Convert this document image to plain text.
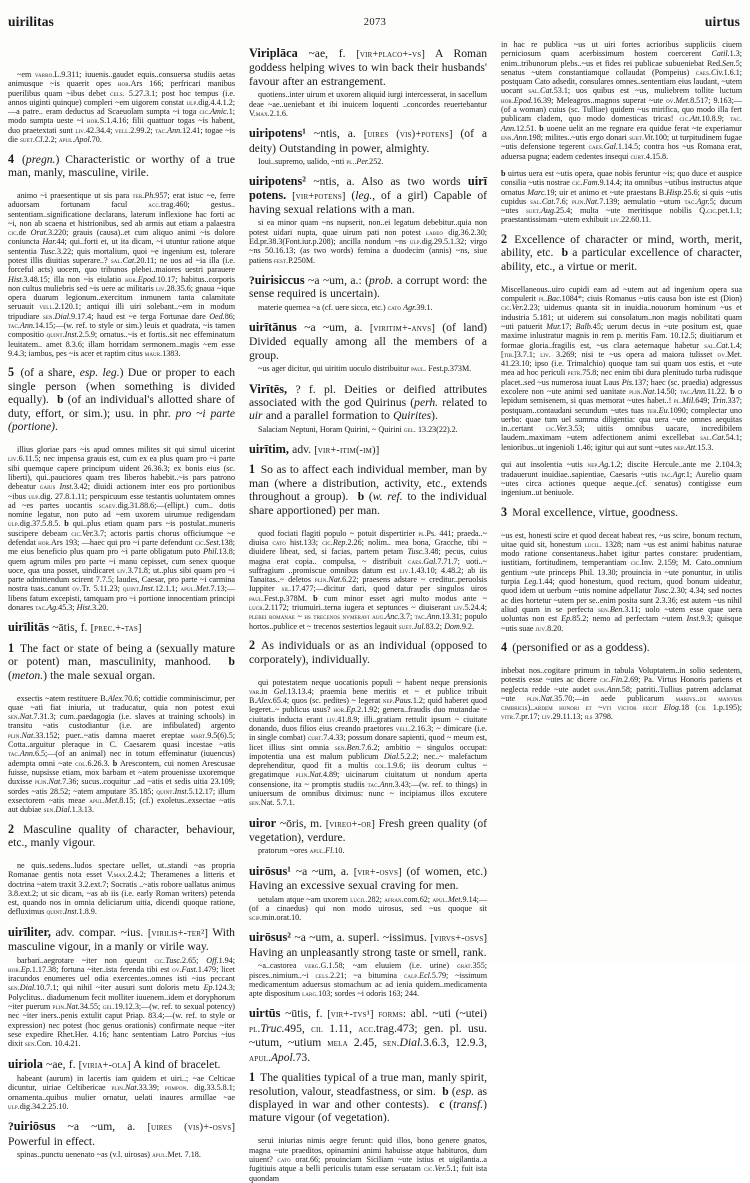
uirilitas	2073	uirtus

~em varro.L.9.311; iuuenis..gaudet equis..consuersa studiis aetas animusque ~is quaerit opes hor.Ars 166; perfricari manibus puerilibus quam ~ibus debet cels. 5.27.3.1; post hoc tempus (i.e. annos uiginti quinque) compleri ~em uigorem constat ulp.dig.4.4.1.2;—a patre.. eram deductus ad Scaeuolam sumpta ~i toga cic.Amic.1; modo sumpta ueste ~i hor.S.1.4.16; filii quattuor togas ~is habent, duo praetextati sunt liv.42.34.4; vell.2.99.2; tac.Ann.12.41; togae ~is die suet.Cl.2.2; apul.Apol.70.

4 (pregn.) Characteristic or worthy of a true man, manly, masculine, virile.

animo ~i praesentique ut sis para ter.Ph.957; erat istuc ~e, ferre aduorsam fortunam facul acc.trag.460; gestus.. sententiam..significatione declarans, laterum inflexione hac forti ac ~i, non ab scaena et histrionibus, sed ab armis aut etiam a palaestra cic.de Orat.3.220; grauis (causa)..et cum aliquo animi ~is dolore coniuncta Har.44; qui..forti et, ut ita dicam, ~i utuntur ratione atque sententia Tusc.3.22; quis mortalium, quoi ~e ingenium est, tolerare potest illis diuitias superare..? sal.Cat.20.11; ne uos ad ~ia illa (i.e. forceful acts) uocem, quo tribunos plebei..maiores uestri parauere Hist.3.48.15; illa non ~is eiulatio hor.Epod.10.17; habitus..corporis non cultus muliebris sed ~is uere ac militaris liv.28.35.6; gnaua ~ique opera duarum legionum..exercitum inmunem tanta calamitate seruauit vell.2.120.1; antiqui illi uiri solebant..~em in modum tripudiare sen.Dial.9.17.4; haud est ~e terga Fortunae dare Oed.86; tac.Ann.14.15;—(w. ref. to style or sim.) leuis et quadrata, ~is tamen compositio quint.Inst.2.5.9; ornatus..~is et fortis..sit nec effeminatum leuitatem.. amet 8.3.6; illam horridam sermonem..magis ~em esse 9.4.3; iambus, pes ~is acer et raptim citus maur.1383.

5 (of a share, esp. leg.) Due or proper to each single person (when something is divided equally). b (of an individual's allotted share of duty, effort, or sim.); usu. in phr. pro ~i parte (portione).

illius gloriae pars ~is apud omnes milites sit qui simul uicerint liv.6.11.5; nec impensa grauis est, cum ex ea plus quam pro ~i parte sibi quemque capere principum uident 26.36.3; ex bonis eius (sc. liberti), qui..pauciores quam tres liberos habebit..~is pars patrono debeatur gaius Inst.3.42; diuidi actionem inter eos pro portionibus ~ibus ulp.dig. 27.8.1.11; perspicuum esse testantis uoluntatem omnes ad ~es partes uocantis scaev.dig.31.88.6;—(ellipt.) cum.. dotis nomine legatur, non puto ad ~em uxorem uirumue redigendam ulp.dig.37.5.8.5. b qui..plus etiam quam pars ~is postulat..muneris suscipere debeam cic.Ver.3.7; actoris partis chorus officiumque ~e defendat hor.Ars 193; —haec qui pro ~i parte defendunt cic.Sest.138; me eius beneficio plus quam pro ~i parte obligatum puto Phil.13.8; quem agrum miles pro parte ~i manu cepisset, cum senex quoque uoce, qua una posset, uindicaret liv.3.71.8; ut..plus sibi quam pro ~i parte admittendum scirent 7.7.5; laudes, Caesar, pro parte ~i carmina nostra tuas..canunt ov.Tr. 5.11.23; quint.Inst.12.1.1; apul.Met.7.13;—libens fatum excepisti, tamquam pro ~i portione innocentiam principi donares tac.Ag.45.3; Hist.3.20.

uirīlitās ~ātis, f. [prec.+-tas]

1 The fact or state of being a (sexually mature or potent) man, masculinity, manhood. b (meton.) the male sexual organ.

exsectis ~atem restituere B.Alex.70.6; cottidie comminiscimur, per quae ~ati fiat iniuria, ut traducatur, quia non potest exui sen.Nat.7.31.3; cum..paedagogia (i.e. slaves at training schools) in transitu ~atis custodiantur (i.e. are infibulated) argento plin.Nat.33.152; puer..~atis damna maeret ereptae mart.9.5(6).5; Cotta..arguitur pleraque in C. Caesarem quasi incestae ~atis tac.Ann.6.5;—(of an animal) nec in totum effeminatur (iuuencus) adempta omni ~ate col.6.26.3. b Arescontem, cui nomen Arescusae fuisse, nupsisse etiam, mox barbam et ~atem prouenisse uxoremque duxisse plin.Nat.7.36; sucus..coquitur ..ad ~atis et sedis uitia 23.109; sordes ~atis 28.52; ~atem amputare 35.185; quint.Inst.5.12.17; illum exsectorem ~atis meae apul.Met.8.15; (cf.) exoletus..exsectae ~atis aut dubiae sen.Dial.1.3.13.

2 Masculine quality of character, behaviour, etc., manly vigour.

ne quis..sedens..ludos spectare uellet, ut..standi ~as propria Romanae gentis nota esset V.max.2.4.2; Theramenes a litteris et doctrina ~atem traxit 3.2.ext.7; Socratis ..~atis robore uallatus animus 3.8.ext.2; ut sic dicam, ~as ab iis (i.e. early Roman writers) petenda est, quando nos in omnia deliciarum uitia, dicendi quoque ratione, defluximus quint.Inst.1.8.9.

uirīliter, adv. compar. ~ius. [virilis+-ter²] With masculine vigour, in a manly or virile way.

barbari..aegrotare ~iter non queunt cic.Tusc.2.65; Off.1.94; hor.Ep.1.17.38; fortuna ~iter..ista ferenda tibi est ov.Fast.1.479; licet iracundos enumeres uel odia exercentes..omnes isti ~ius peccant sen.Dial.10.7.1; qui nihil ~iter ausuri sunt doloris metu Ep.124.3; Polyclitus.. diadumenum fecit molliter iuuenem..idem et doryphorum ~iter puerum plin.Nat.34.55; gel.19.12.3;—(w. ref. to sexual potency) nec ~iter iners..penis extulit caput Priap. 83.4;—(w. ref. to style or expression) nec potest (hoc genus orationis) confirmate neque ~iter sese expedire Rhet.Her. 4.16; hanc sententiam Latro Porcius ~ius dixit sen.Con. 10.4.21.

uiriola ~ae, f. [viria+-ola] A kind of bracelet.

habeant (aurum) in lacertis iam quidem et uiri..; ~ae Celticae dicuntur, uiriae Celtibericae plin.Nat.33.39; pompon. dig.33.5.8.1; ornamenta..quibus mulier ornatur, uelati inaures armillae ~ae ulp.dig.34.2.25.10.

?uiriōsus ~a ~um, a. [uires (vis)+-osvs] Powerful in effect.

spinas..punctu uenenato ~as (v.l. uirosas) apul.Met. 7.18.

Viriplāca ~ae, f. [vir+placo+-vs] A Roman goddess helping wives to win back their husbands' favour after an estrangement.

quotiens..inter uirum et uxorem aliquid iurgi intercesserat, in sacellum deae ~ae..ueniebant et ibi inuicem loquenti ..concordes reuertebantur V.max.2.1.6.

uiripotens¹ ~ntis, a. [uires (vis)+potens] (of a deity) Outstanding in power, almighty.

Ioui..supremo, ualido, ~nti pl..Per.252.

uiripotens² ~ntis, a. Also as two words uirī potens. [vir+potens] (leg., of a girl) Capable of having sexual relations with a man.

si ea minor quam ~ns nupserit, non..ei legatum debebitur..quia non potest uidari nupta, quae uirum pati non potest labeo dig.36.2.30; Ed.pr.38.3(Font.iur.p.208); ancilla nondum ~ns ulp.dig.29.5.1.32; virgo ~ns 50.16.13; (as two words) femina a duodecim (annis) ~ns, siue patiens fest.P.250M.

?uirisiccus ~a ~um, a.: (prob. a corrupt word: the sense required is uncertain).

materie quernea ~a (cf. uere sicca, etc.) cato Agr.39.1.

uirītānus ~a ~um, a. [viritim+-anvs] (of land) Divided equally among all the members of a group.

~us ager dicitur, qui uiritim uoculo distribuitur paul. Fest.p.373M.

Virītēs, ? f. pl. Deities or deified attributes associated with the god Quirinus (perh. related to uir and a parallel formation to Quirites).

Salaciam Neptuni, Horam Quirini, ~ Quirini gel. 13.23(22).2.

uirītim, adv. [vir+-itim(-im)]

1 So as to affect each individual member, man by man (where a distribution, activity, etc., extends throughout a group). b (w. ref. to the individual share apportioned) per man.

quod fociati flagiti populo ~ potuit dispertirier pl.Ps. 441; praeda..~ diuisa cato hist.133; cic.Rep.2.26; nolim.. mea bona, Gracche, tibi ~ diuidere libeat, sed, si facias, partem petam Tusc.3.48; pecus, cuius magna erat copia.. compulsa, ~ distribuit caes.Gal.7.71.7; uoti..~ suffragium ..promiscue omnibus datum est liv.1.43.10; 4.48.2; ab iis Tanaitas..~ deletos plin.Nat.6.22; praesens adstare ~ creditur..peruolsis Iuppiter sil.17.477;—dicitur dari, quod datur per singulos uiros paul.Fest.p.378M. b cum minor esset agri multo modus ante ~ lucr.2.1172; triumuiri..terna iugera et septunces ~ diuiserant liv.5.24.4; plebei romanae ~ hs trecenos nvmeravi aug.Anc.3.7; tac.Ann.13.31; populo hortos..publice et ~ trecenos sestertios legauit suet.Jul.83.2; Dom.9.2.

2 As individuals or as an individual (opposed to corporately), individually.

qui potestatem neque uocationis populi ~ habent neque prensionis var.in Gel.13.13.4; praemia bene meritis et ~ et publice tribuit B.Alex.65.4; quos (sc. pedites) ~ legerat nep.Paus.1.2; quid haberet quod legeret..~ publicus usus? hor.Ep.2.1.92; genera..fraudis duo mutandae ~ ciuitatis inducta erant liv.41.8.9; illi..gratiam rettulit ipsum ~ ciuitate donando, duos filios eius creando praetores vell.2.16.3; ~ dimicare (i.e. in single combat) curt.7.4.33; possum donare sapienti, quod ~ meum est, licet illius sint omnia sen.Ben.7.6.2; ambitio ~ singulos occupat: impotentia una est malum publicum Dial.5.2.2; nec..~ malefactum deprehenditur, quod fit a multis col.1.9.6; iis deorum cultus ~ gregatimque plin.Nat.4.89; uicinarum ciuitatum ut nondum aperta consensione, ita ~ promptis studiis tac.Ann.3.43;—(w. ref. to things) in uniuersum de omnibus diximus: nunc ~ incipiamus illos excutere sen.Nat. 5.7.1.

uiror ~ōris, m. [vireo+-or] Fresh green quality (of vegetation), verdure.

pratorum ~ores apul.Fl.10.

uirōsus¹ ~a ~um, a. [vir+-osvs] (of women, etc.) Having an excessive sexual craving for men.

uetulam atque ~am uxorem lucil.282; afran.com.62; apul.Met.9.14;—(of a cinaedus) qui non modo uirosus, sed ~us quoque sit scip.min.orat.10.

uirōsus² ~a ~um, a. superl. ~issimus. [virvs+-osvs] Having an unpleasantly strong taste or smell, rank.

~a..castorea verg.G.1.58; ~am eluuiem (i.e. urine) grat.355; pisces..nimium..~i cels.2.21; ~a bitumina calp.Ecl.5.79; ~issimum medicamentum aduersus stomachum ac ad ienia quidem..medicamenta apte dispositum larg.103; sordes ~i odoris 163; 244.

uirtūs ~ūtis, f. [vir+-tvs¹] forms: abl. ~uti (~utei) pl.Truc.495, cil 1.11, acc.trag.473; gen. pl. usu. ~utum, ~utium mela 2.45, sen.Dial.3.6.3, 12.9.3, apul.Apol.73.

1 The qualities typical of a true man, manly spirit, resolution, valour, steadfastness, or sim. b (esp. as displayed in war and other contests). c (transf.) mature vigour (of vegetation).

serui iniurias nimis aegre ferunt: quid illos, bono genere gnatos, magna ~ute praeditos, opinamini animi habuisse atque habituros, dum uiuent? cato orat.66; prouinciam Siciliam ~ute istius et uigilantia..a fugitiuis atque a belli periculis tutam esse seruatam cic.Ver.5.1; fuit ista quondam

in hac re publica ~us ut uiri fortes acrioribus suppliciis ciuem perniciosum quam acerbissimum hostem coercerent Catil.1.3; enim..tribunorum plebs..~us et fides rei publicae subueniebat Red.Sen.5; senatus ~utem constantiamque collaudat (Pompeius) caes.Civ.1.6.1; postquam Cato adsedit, consulares omnes..sententiam eius laudant, ~utem uocant sal.Cat.53.1; uos quibus est ~us, muliebrem tollite luctum hor.Epod.16.39; Meleagros..magnos superat ~ute ov.Met.8.517; 9.163;—(of a woman) cuius (sc. Tulliae) quidem ~us mirifica, quo modo illa fert publicam cladem, quo modo domesticas tricas! cic.Att.10.8.9; tac. Ann.12.51. b uoene uelit an me regnare era quidue ferat ~te experiamur enn.Ann.198; milites..~utis ergo donari suet.Vit.100; ut turpitudinem fugae ~utis defensione tegerent caes.Gal.1.14.5; contra hos ~us Romana erat, aduersa pugna; eadem cedentes insequi curt.4.15.8.

b uirtus uera est ~utis opera, quae nobis feruntur ~is; quo duce et auspice consilia ~utis nostrae cic.Fam.9.14.4; ita omnibus ~utibus instructus atque ornatus Marc.19; uir et animo et ~ute praestans B.Hisp.25.6; si quis ~utis cupidus sal.Cat.7.6; plin.Nat.7.139; aemulatio ~utum tac.Agr.5; ducum ~utes suet.Aug.25.4; multa ~ute meritisque nobilis Q.cic.pet.1.1; praestantissimam ~utem exhibuit liv.22.60.11.

2 Excellence of character or mind, worth, merit, ability, etc. b a particular excellence of character, ability, etc., a virtue or merit.

Miscellaneous..uiro cupidi eam ad ~utem aut ad ingenium opera sua compulerit pl.Bac.1084*; ciuis Romanus ~utis causa bon iste est (Dion) cic.Ver.2.23; uidemus quanta sit in inuidia..nouorum hominum ~us et industria 5.181; ut uiderem sui consolatum..non magis nobilitati quam ~uti patuerit Mur.17; Balb.45; uerum decus in ~ute positum est, quae maxime inlustratur magnis in rem p. meritis Fam. 10.12.5; diuitiarum et formae gloria..fragilis est, ~us clara aeternaque habetur sal.Cat.1.4; [tib.]3.7.1; liv. 3.269; nisi te ~us opera ad maiora tulisset ov.Met. 41.23.10; ipso (i.e. Trimalchio) quoque tam sui quam uos estis, et ~ute mea ad hoc periculi petr.75.8; nec enim tibi dura plenitudo turba rudisque placet..sed ~us numerosa iuuat Laus Pis.137; haec (sc. praedia) adgressus excolere non ~ute animi sed uanitate plin.Nat.14.50; tac.Ann.11.22. b o lepidum semisenem, si quas memorat ~utes habet..! pl.Mil.649; Trin.337; postquam..contaudani secundum ~utes tuas ter.Eu.1090; complectar uno uerbo: quae tum uel summa diligentia: qua uera ~ute omnes aequitas in..certant cic.Ver.3.53; uitiis omnibus uacare, incredibilem laudem..maximam ~utem adfectionem animi excellebat sal.Cat.54.1; lenioribus..ut ingenioli 1.46; igitur qui aut sunt ~utes nep.Att.15.3.

qui aut insolentia ~utis nep.Ag.1.2; discite Hercule..ante me 2.104.3; tradauerunt inuidiae..sapientiae, Caesaris ~utis tac.Agr.1; Aurelio quam ~utes circa actiones queque aeque..(cf. senatus) contigisse eum ingenium..ut beniuole.

3 Moral excellence, virtue, goodness.

~us est, honesti scire et quod deceat habeat res, ~us scire, bonum rectum, uitae quid sit, honestum lucil. 1328; nam ~us est animi habitus naturae modo ratione consentaneus..habet igitur partes constare: prudentiam, iustitiam, fortitudinem, temperantiam cic.Inv. 2.159; M. Cato..omnium gentium ~ute princeps Phil. 13.30; prouincia in ~ute ponuntur, in utilis turpia Leg.1.44; quod honestum, quod rectum, quod bonum uideatur, quod idem ut uerbum ~utis nomine adpellatur Tusc.2.30; 4.34; sed noctes ac dies hortetur ~utem per se..enim posita sunt 2.3.36; est autem ~us nihil aliud quam in se perfecta sen.Ben.3.11; uolo ~utem esse quae uera uoluntas non est Ep.85.2; nemo ad perfectam ~utem Inst.9.3; quisque ~utis suae juv.8.20.

4 (personified or as a goddess).

inbebat nos..cogitare primum in tabula Voluptatem..in solio sedentem, potestis esse ~utes ac dicere cic.Fin.2.69; Pa. Virtus Honoris pariens et neglecta redde ~ute audet enn.Ann.58; patriti..Tullius patrem adclamat ~ute plin.Nat.35.70;—in aede publicarum marivs..de manvbis cimbricis)..ardem honori et ~vti victor fecit Elog.18 (cil 1.p.195); vitr.7.pr.17; liv.29.11.13; ils 3798.
